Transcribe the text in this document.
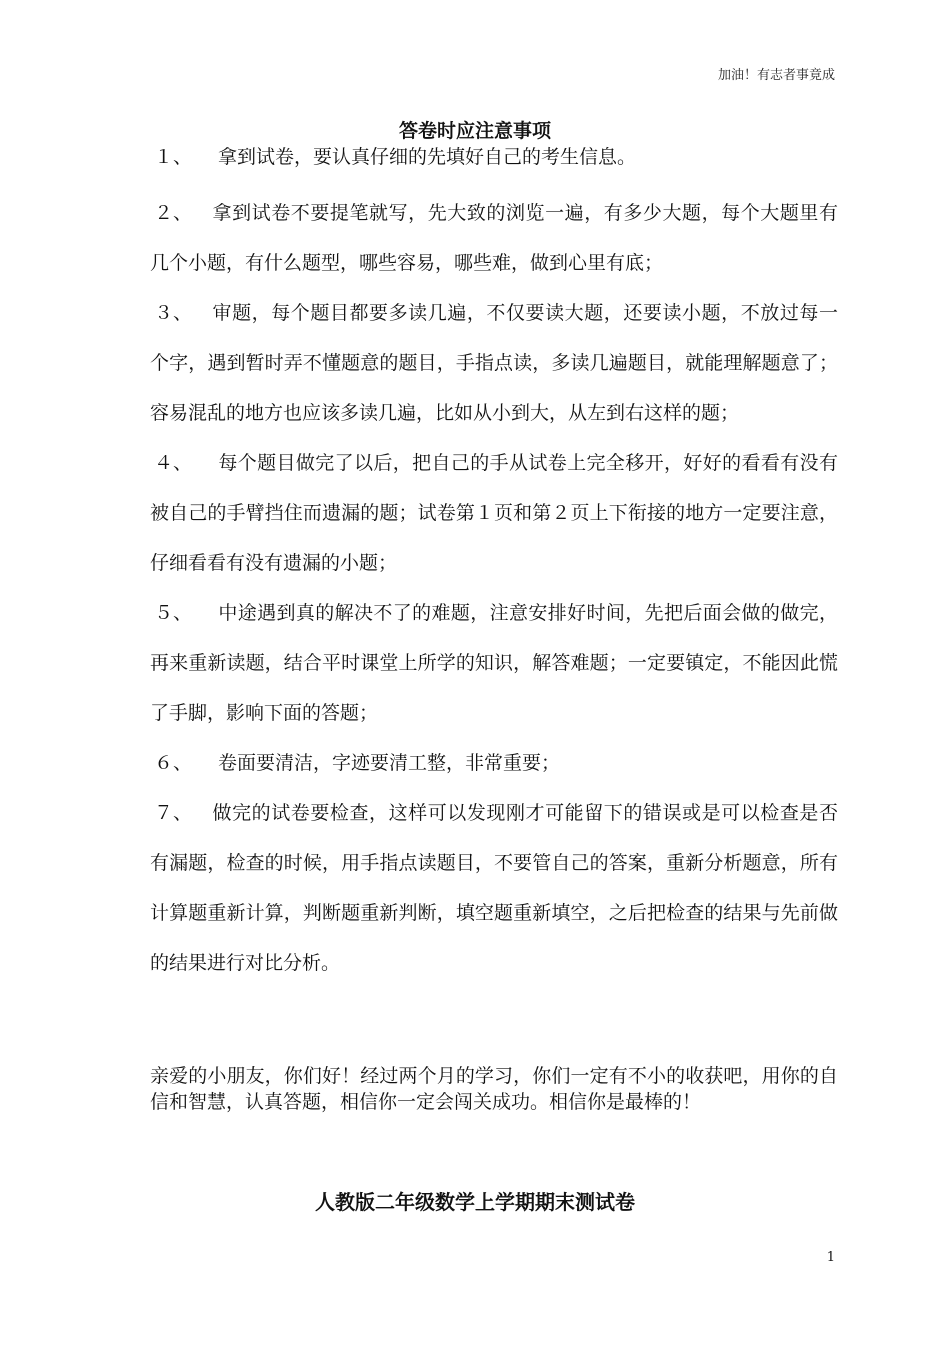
加油！有志者事竟成
答卷时应注意事项

１、 拿到试卷，要认真仔细的先填好自己的考生信息。

２、 拿到试卷不要提笔就写，先大致的浏览一遍，有多少大题，每个大题里有几个小题，有什么题型，哪些容易，哪些难，做到心里有底；

３、 审题，每个题目都要多读几遍，不仅要读大题，还要读小题，不放过每一个字，遇到暂时弄不懂题意的题目，手指点读，多读几遍题目，就能理解题意了；容易混乱的地方也应该多读几遍，比如从小到大，从左到右这样的题；

４、 每个题目做完了以后，把自己的手从试卷上完全移开，好好的看看有没有被自己的手臂挡住而遗漏的题；试卷第１页和第２页上下衔接的地方一定要注意，仔细看看有没有遗漏的小题；

５、 中途遇到真的解决不了的难题，注意安排好时间，先把后面会做的做完，再来重新读题，结合平时课堂上所学的知识，解答难题；一定要镇定，不能因此慌了手脚，影响下面的答题；

６、 卷面要清洁，字迹要清工整，非常重要；

７、 做完的试卷要检查，这样可以发现刚才可能留下的错误或是可以检查是否有漏题，检查的时候，用手指点读题目，不要管自己的答案，重新分析题意，所有计算题重新计算，判断题重新判断，填空题重新填空，之后把检查的结果与先前做的结果进行对比分析。

亲爱的小朋友，你们好！经过两个月的学习，你们一定有不小的收获吧，用你的自信和智慧，认真答题，相信你一定会闯关成功。相信你是最棒的！
人教版二年级数学上学期期末测试卷
1
